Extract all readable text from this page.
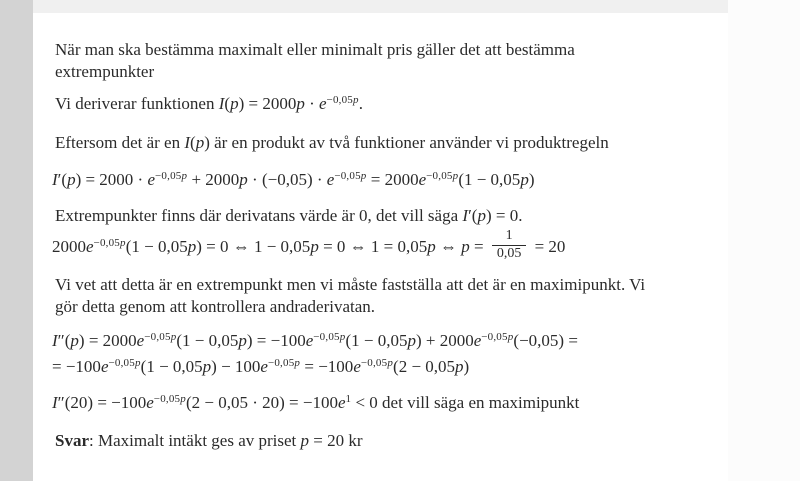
När man ska bestämma maximalt eller minimalt pris gäller det att bestämma
extrempunkter

Vi deriverar funktionen $I(p) = 2000p \cdot e^{-0,05p}$.

Eftersom det är en I(p) är en produkt av två funktioner använder vi produktregeln

$I'(p) = 2000 \cdot e^{-0,05p} + 2000p \cdot (-0,05) \cdot e^{-0,05p} = 2000e^{-0,05p}(1 - 0,05p)$

Extrempunkter finns där derivatans värde är 0, det vill säga I′(p) = 0.

$2000e^{-0,05p}(1 - 0,05p) = 0$ ⇔ 1 − 0,05p = 0 ⇔ 1 = 0,05p ⇔ $p = \frac{1}{0,05} = 20$

Vi vet att detta är en extrempunkt men vi måste fastställa att det är en maximipunkt. Vi
gör detta genom att kontrollera andraderivatan.

$I''(p) = 2000e^{-0,05p}(1 - 0,05p) = -100e^{-0,05p}(1 - 0,05p) + 2000e^{-0,05p}(-0,05)$ =
= $-100e^{-0,05p}(1 - 0,05p) - 100e^{-0,05p} = -100e^{-0,05p}(2 - 0,05p)$

$I''(20) = -100e^{-0,05p}(2 - 0,05 \cdot 20) = -100e^1 < 0$ det vill säga en maximipunkt

Svar: Maximalt intäkt ges av priset p = 20 kr
